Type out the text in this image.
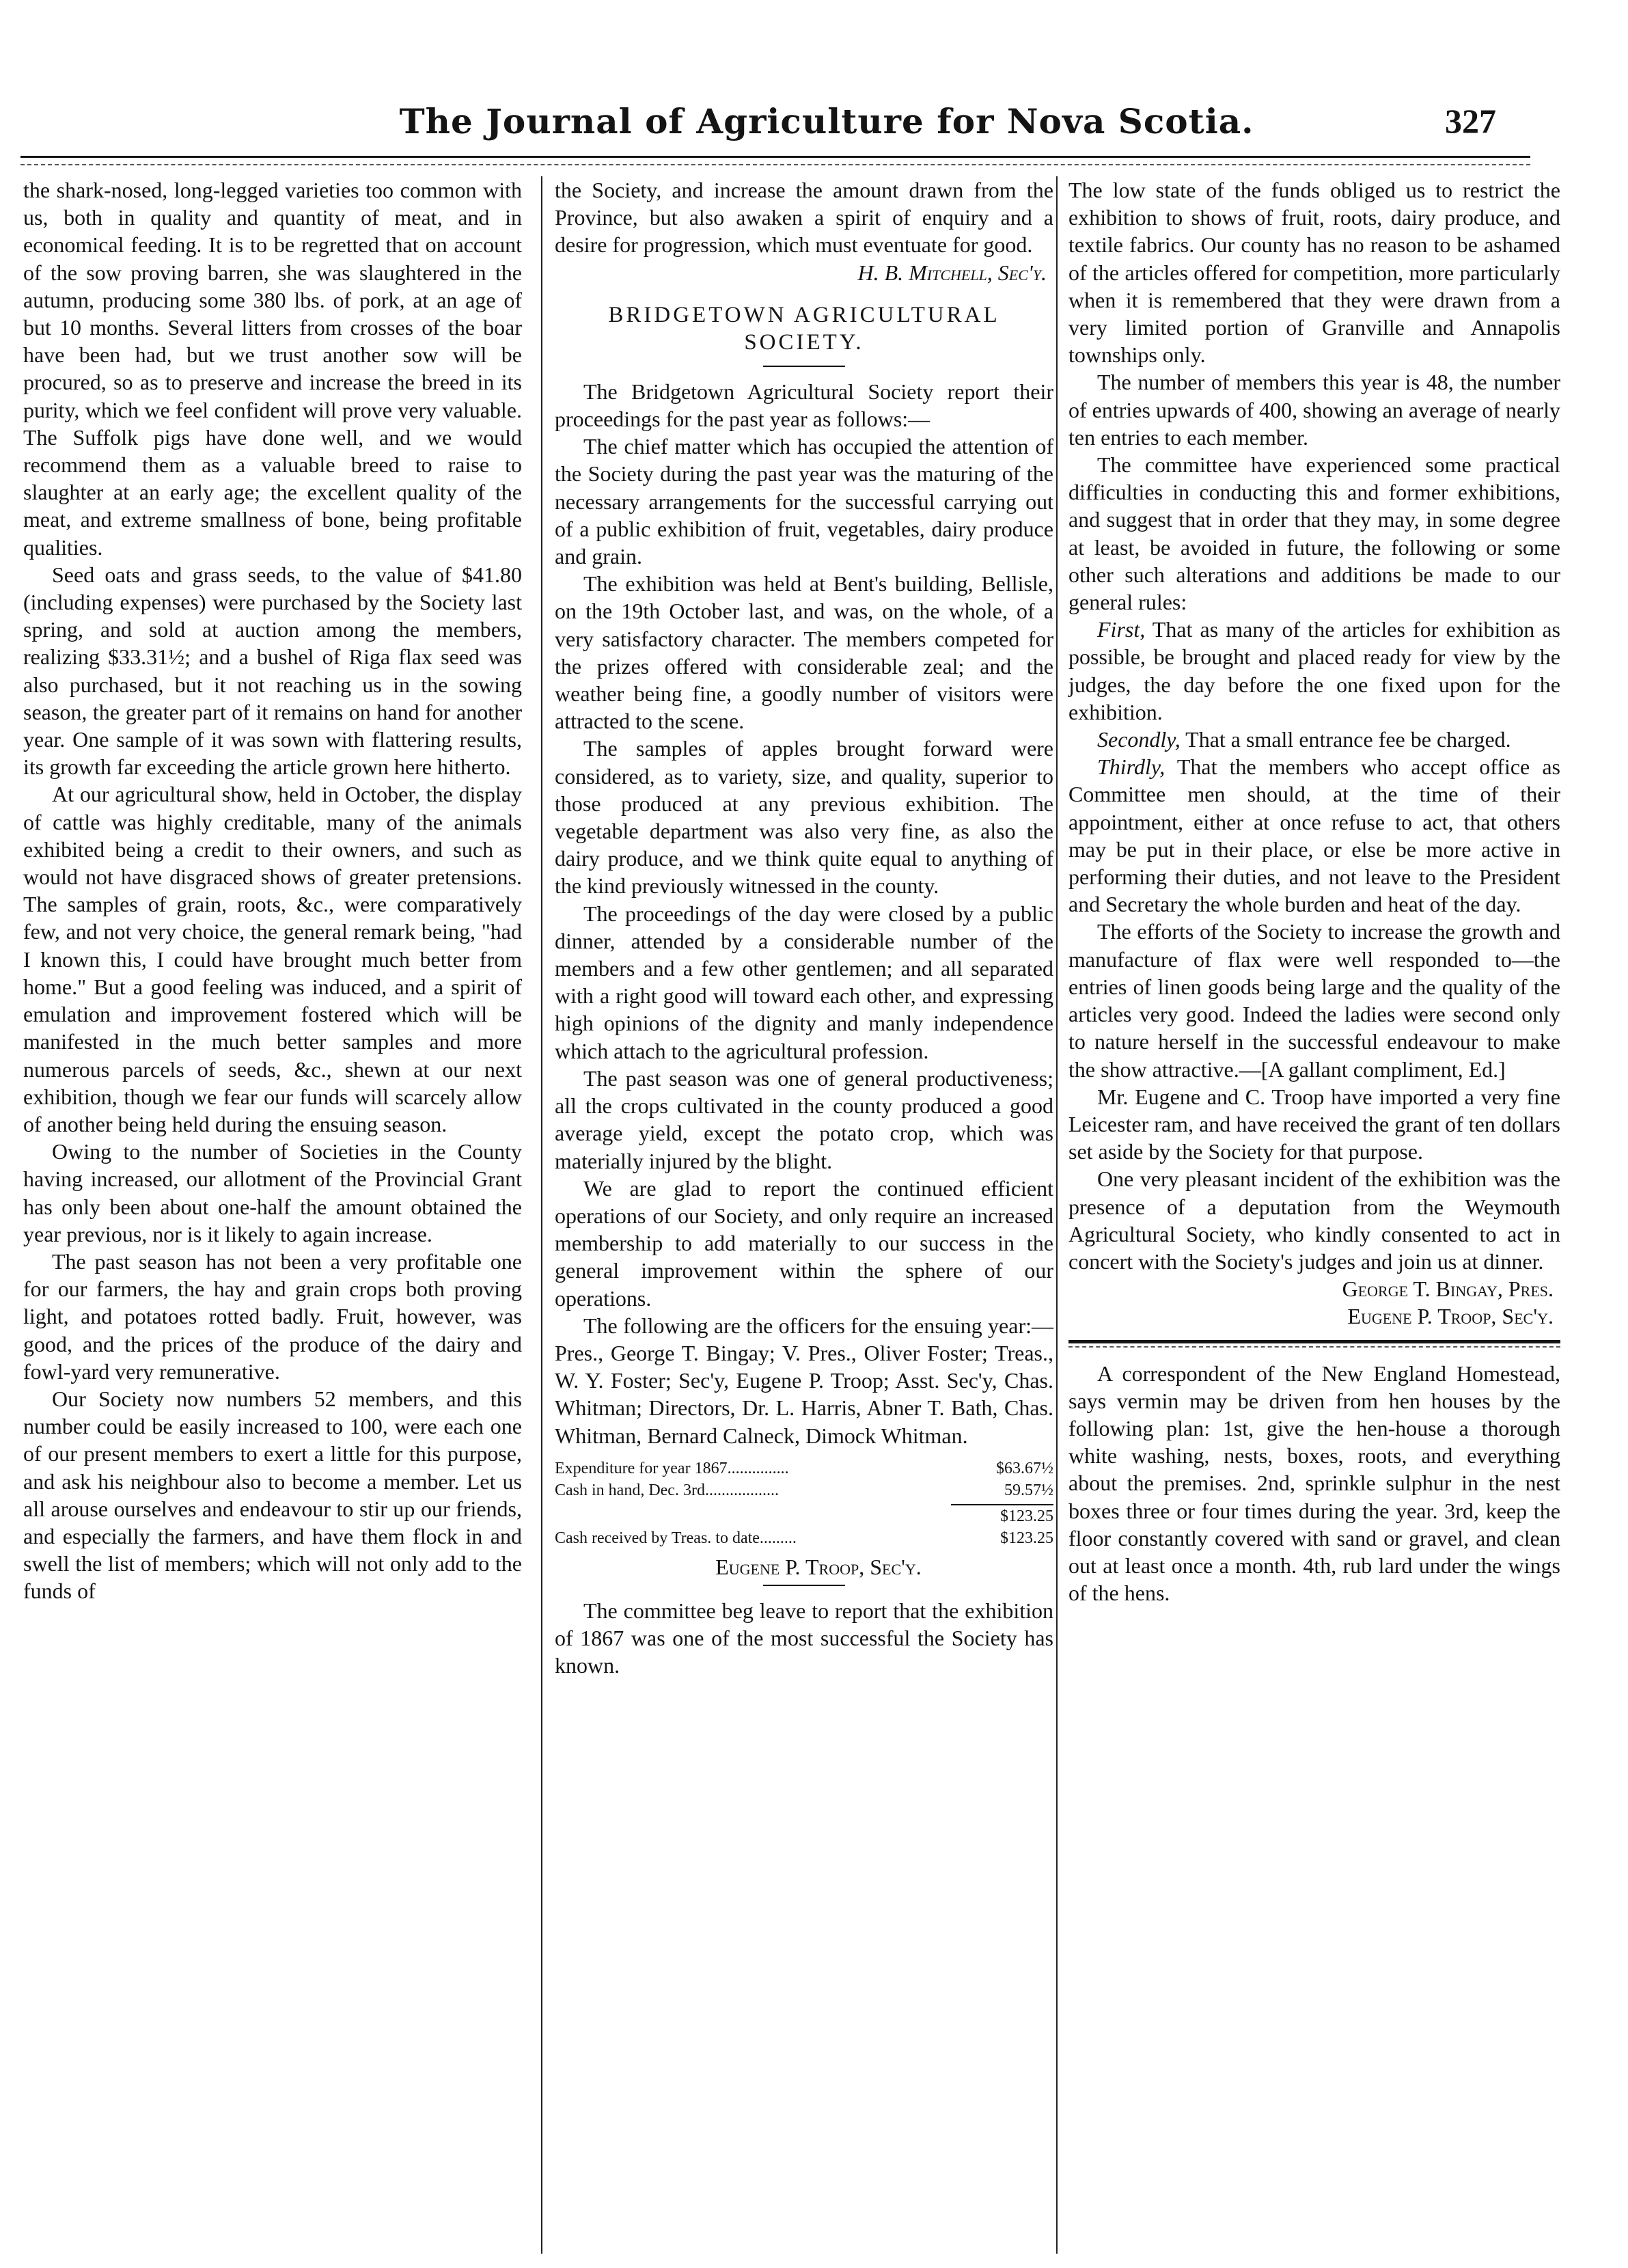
The Journal of Agriculture for Nova Scotia.	327

the shark-nosed, long-legged varieties too common with us, both in quality and quantity of meat, and in economical feeding. It is to be regretted that on account of the sow proving barren, she was slaughtered in the autumn, producing some 380 lbs. of pork, at an age of but 10 months. Several litters from crosses of the boar have been had, but we trust another sow will be procured, so as to preserve and increase the breed in its purity, which we feel confident will prove very valuable. The Suffolk pigs have done well, and we would recommend them as a valuable breed to raise to slaughter at an early age; the excellent quality of the meat, and extreme smallness of bone, being profitable qualities.

Seed oats and grass seeds, to the value of $41.80 (including expenses) were purchased by the Society last spring, and sold at auction among the members, realizing $33.31½; and a bushel of Riga flax seed was also purchased, but it not reaching us in the sowing season, the greater part of it remains on hand for another year. One sample of it was sown with flattering results, its growth far exceeding the article grown here hitherto.

At our agricultural show, held in October, the display of cattle was highly creditable, many of the animals exhibited being a credit to their owners, and such as would not have disgraced shows of greater pretensions. The samples of grain, roots, &c., were comparatively few, and not very choice, the general remark being, "had I known this, I could have brought much better from home." But a good feeling was induced, and a spirit of emulation and improvement fostered which will be manifested in the much better samples and more numerous parcels of seeds, &c., shewn at our next exhibition, though we fear our funds will scarcely allow of another being held during the ensuing season.

Owing to the number of Societies in the County having increased, our allotment of the Provincial Grant has only been about one-half the amount obtained the year previous, nor is it likely to again increase.

The past season has not been a very profitable one for our farmers, the hay and grain crops both proving light, and potatoes rotted badly. Fruit, however, was good, and the prices of the produce of the dairy and fowl-yard very remunerative.

Our Society now numbers 52 members, and this number could be easily increased to 100, were each one of our present members to exert a little for this purpose, and ask his neighbour also to become a member. Let us all arouse ourselves and endeavour to stir up our friends, and especially the farmers, and have them flock in and swell the list of members; which will not only add to the funds of

the Society, and increase the amount drawn from the Province, but also awaken a spirit of enquiry and a desire for progression, which must eventuate for good.

H. B. Mitchell, Sec'y.

BRIDGETOWN AGRICULTURAL SOCIETY.

The Bridgetown Agricultural Society report their proceedings for the past year as follows:—

The chief matter which has occupied the attention of the Society during the past year was the maturing of the necessary arrangements for the successful carrying out of a public exhibition of fruit, vegetables, dairy produce and grain.

The exhibition was held at Bent's building, Bellisle, on the 19th October last, and was, on the whole, of a very satisfactory character. The members competed for the prizes offered with considerable zeal; and the weather being fine, a goodly number of visitors were attracted to the scene.

The samples of apples brought forward were considered, as to variety, size, and quality, superior to those produced at any previous exhibition. The vegetable department was also very fine, as also the dairy produce, and we think quite equal to anything of the kind previously witnessed in the county.

The proceedings of the day were closed by a public dinner, attended by a considerable number of the members and a few other gentlemen; and all separated with a right good will toward each other, and expressing high opinions of the dignity and manly independence which attach to the agricultural profession.

The past season was one of general productiveness; all the crops cultivated in the county produced a good average yield, except the potato crop, which was materially injured by the blight.

We are glad to report the continued efficient operations of our Society, and only require an increased membership to add materially to our success in the general improvement within the sphere of our operations.

The following are the officers for the ensuing year:—Pres., George T. Bingay; V. Pres., Oliver Foster; Treas., W. Y. Foster; Sec'y, Eugene P. Troop; Asst. Sec'y, Chas. Whitman; Directors, Dr. L. Harris, Abner T. Bath, Chas. Whitman, Bernard Calneck, Dimock Whitman.

Expenditure for year 1867...............	$63.67½
Cash in hand, Dec. 3rd..................	59.57½
$123.25
Cash received by Treas. to date.........	$123.25

Eugene P. Troop, Sec'y.

The committee beg leave to report that the exhibition of 1867 was one of the most successful the Society has known.

The low state of the funds obliged us to restrict the exhibition to shows of fruit, roots, dairy produce, and textile fabrics. Our county has no reason to be ashamed of the articles offered for competition, more particularly when it is remembered that they were drawn from a very limited portion of Granville and Annapolis townships only.

The number of members this year is 48, the number of entries upwards of 400, showing an average of nearly ten entries to each member.

The committee have experienced some practical difficulties in conducting this and former exhibitions, and suggest that in order that they may, in some degree at least, be avoided in future, the following or some other such alterations and additions be made to our general rules:

First, That as many of the articles for exhibition as possible, be brought and placed ready for view by the judges, the day before the one fixed upon for the exhibition.

Secondly, That a small entrance fee be charged.

Thirdly, That the members who accept office as Committee men should, at the time of their appointment, either at once refuse to act, that others may be put in their place, or else be more active in performing their duties, and not leave to the President and Secretary the whole burden and heat of the day.

The efforts of the Society to increase the growth and manufacture of flax were well responded to—the entries of linen goods being large and the quality of the articles very good. Indeed the ladies were second only to nature herself in the successful endeavour to make the show attractive.—[A gallant compliment, Ed.]

Mr. Eugene and C. Troop have imported a very fine Leicester ram, and have received the grant of ten dollars set aside by the Society for that purpose.

One very pleasant incident of the exhibition was the presence of a deputation from the Weymouth Agricultural Society, who kindly consented to act in concert with the Society's judges and join us at dinner.

George T. Bingay, Pres.

Eugene P. Troop, Sec'y.

A correspondent of the New England Homestead, says vermin may be driven from hen houses by the following plan: 1st, give the hen-house a thorough white washing, nests, boxes, roots, and everything about the premises. 2nd, sprinkle sulphur in the nest boxes three or four times during the year. 3rd, keep the floor constantly covered with sand or gravel, and clean out at least once a month. 4th, rub lard under the wings of the hens.
